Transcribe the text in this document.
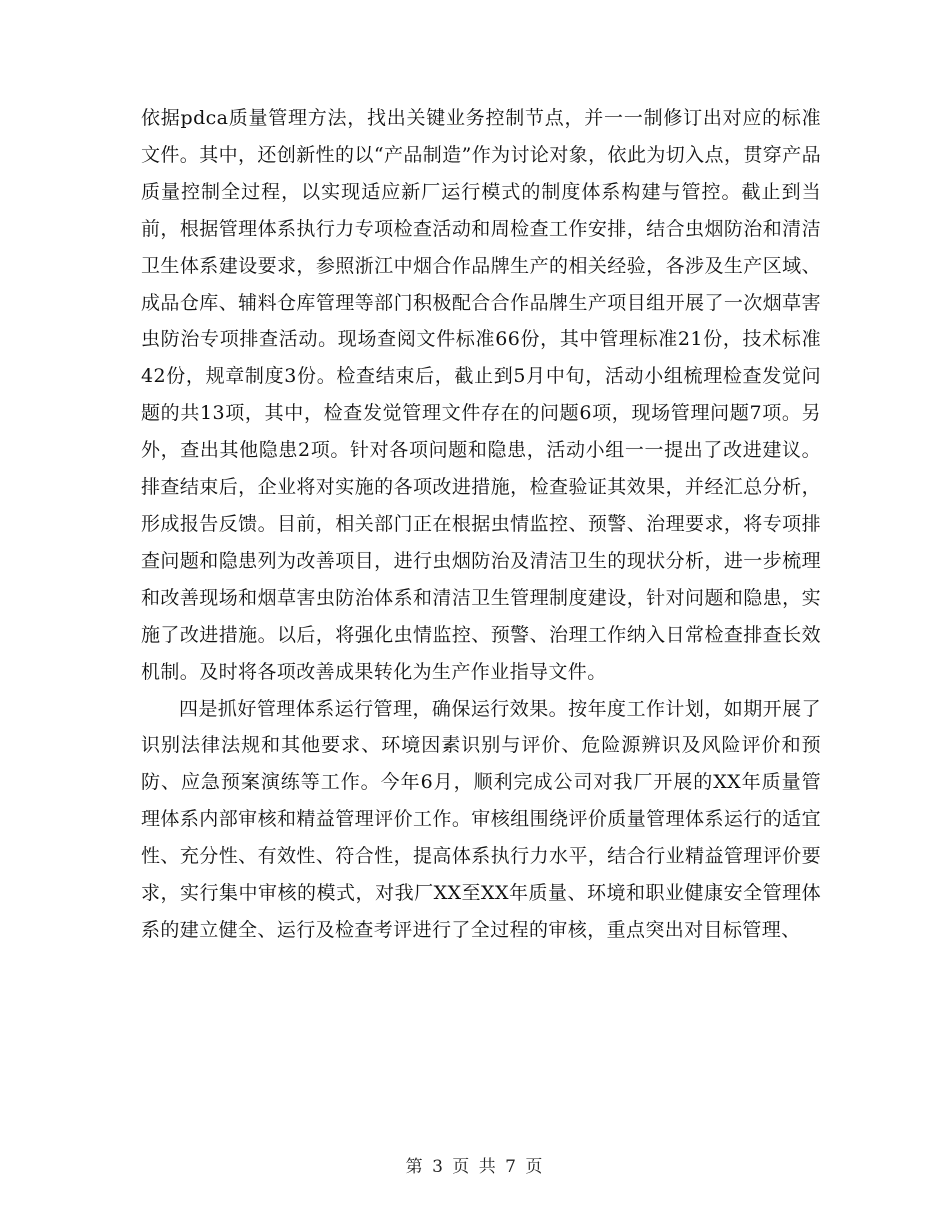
依据pdca质量管理方法，找出关键业务控制节点，并一一制修订出对应的标准文件。其中，还创新性的以“产品制造”作为讨论对象，依此为切入点，贯穿产品质量控制全过程，以实现适应新厂运行模式的制度体系构建与管控。截止到当前，根据管理体系执行力专项检查活动和周检查工作安排，结合虫烟防治和清洁卫生体系建设要求，参照浙江中烟合作品牌生产的相关经验，各涉及生产区域、成品仓库、辅料仓库管理等部门积极配合合作品牌生产项目组开展了一次烟草害虫防治专项排查活动。现场查阅文件标准66份，其中管理标准21份，技术标准42份，规章制度3份。检查结束后，截止到5月中旬，活动小组梳理检查发觉问题的共13项，其中，检查发觉管理文件存在的问题6项，现场管理问题7项。另外，查出其他隐患2项。针对各项问题和隐患，活动小组一一提出了改进建议。排查结束后，企业将对实施的各项改进措施，检查验证其效果，并经汇总分析，形成报告反馈。目前，相关部门正在根据虫情监控、预警、治理要求，将专项排查问题和隐患列为改善项目，进行虫烟防治及清洁卫生的现状分析，进一步梳理和改善现场和烟草害虫防治体系和清洁卫生管理制度建设，针对问题和隐患，实施了改进措施。以后，将强化虫情监控、预警、治理工作纳入日常检查排查长效机制。及时将各项改善成果转化为生产作业指导文件。

四是抓好管理体系运行管理，确保运行效果。按年度工作计划，如期开展了识别法律法规和其他要求、环境因素识别与评价、危险源辨识及风险评价和预防、应急预案演练等工作。今年6月，顺利完成公司对我厂开展的XX年质量管理体系内部审核和精益管理评价工作。审核组围绕评价质量管理体系运行的适宜性、充分性、有效性、符合性，提高体系执行力水平，结合行业精益管理评价要求，实行集中审核的模式，对我厂XX至XX年质量、环境和职业健康安全管理体系的建立健全、运行及检查考评进行了全过程的审核，重点突出对目标管理、

第 3 页 共 7 页
